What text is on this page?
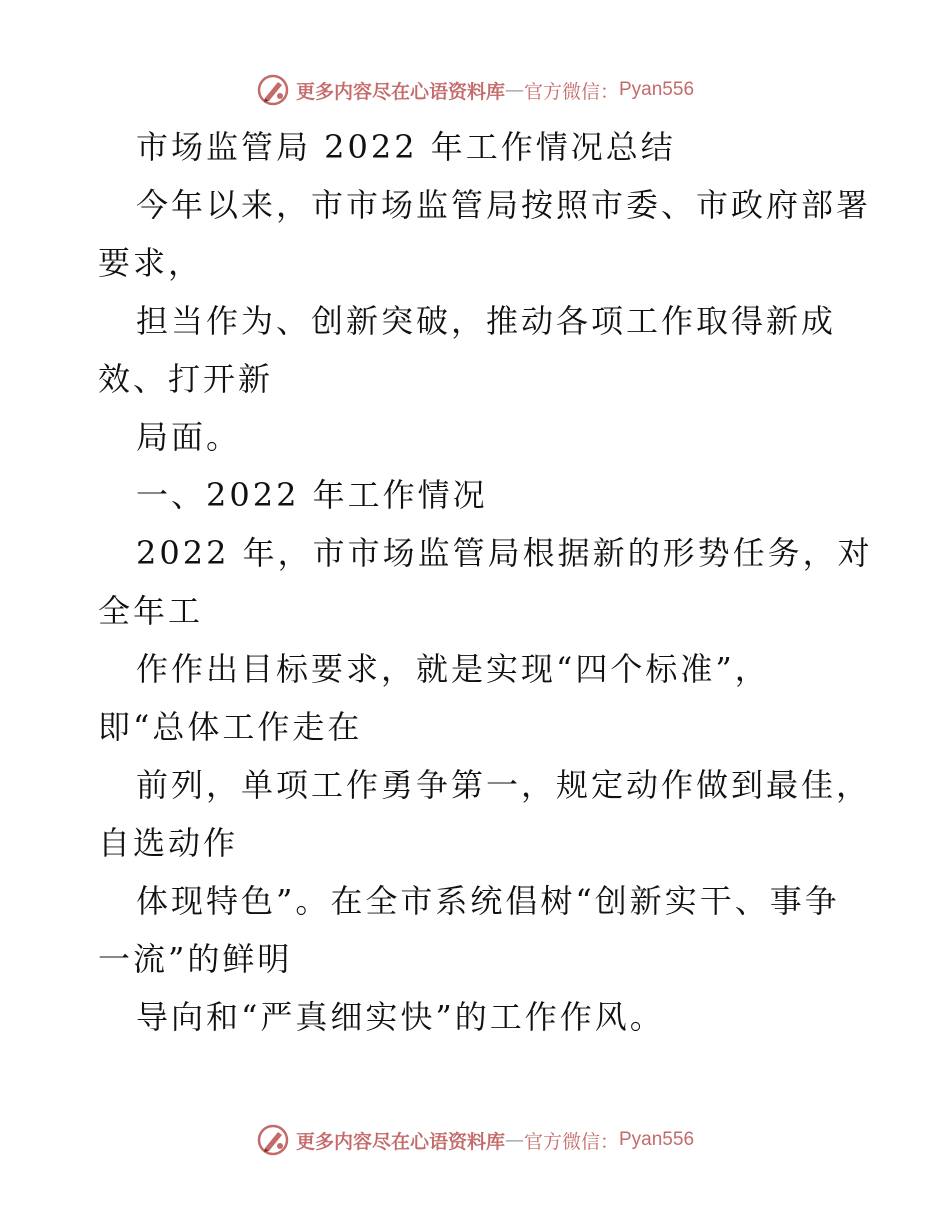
更多内容尽在心语资料库 — 官方微信： Pyan556
市场监管局 2022 年工作情况总结
今年以来，市市场监管局按照市委、市政府部署
要求，
担当作为、创新突破，推动各项工作取得新成
效、打开新
局面。
一、2022 年工作情况
2022 年，市市场监管局根据新的形势任务，对
全年工
作作出目标要求，就是实现“四个标准”，
即“总体工作走在
前列，单项工作勇争第一，规定动作做到最佳，
自选动作
体现特色”。在全市系统倡树“创新实干、事争
一流”的鲜明
导向和“严真细实快”的工作作风。
更多内容尽在心语资料库 — 官方微信： Pyan556
